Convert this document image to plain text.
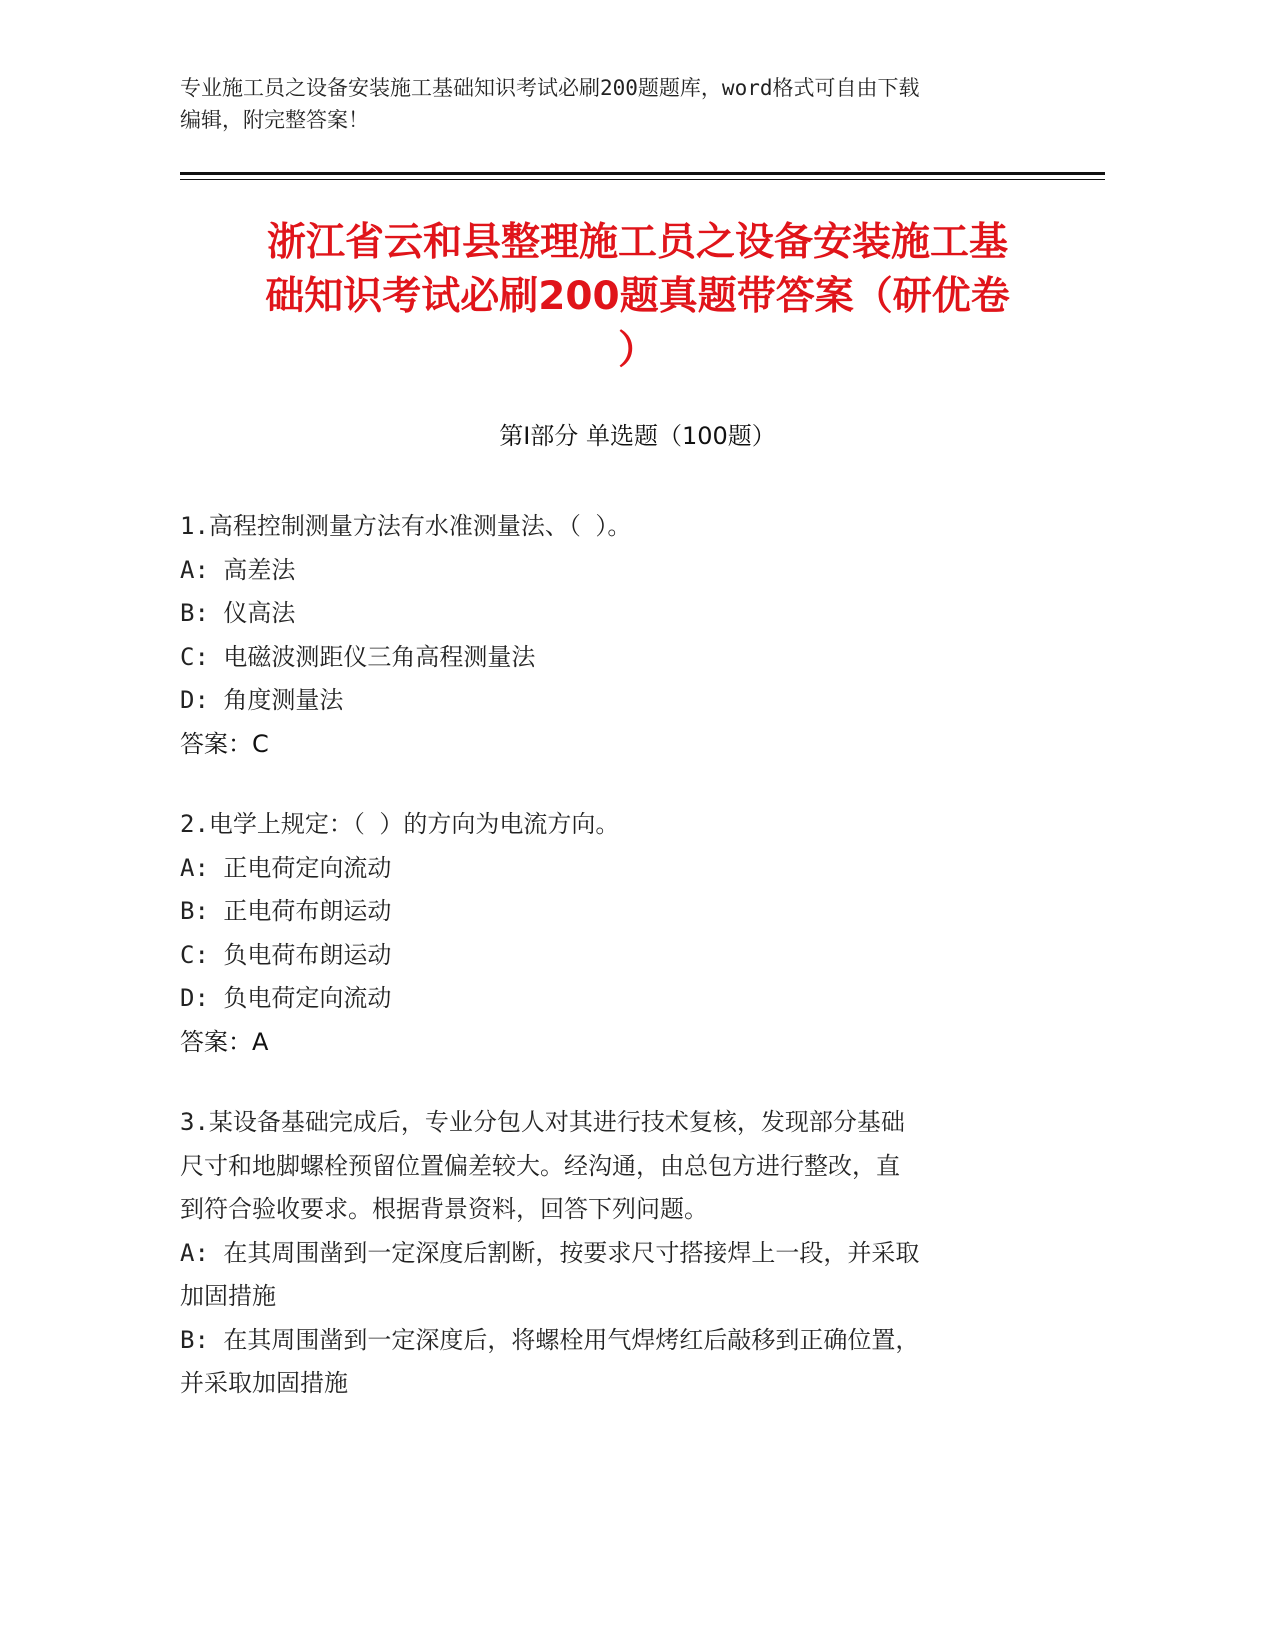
专业施工员之设备安装施工基础知识考试必刷200题题库，word格式可自由下载
编辑，附完整答案！
浙江省云和县整理施工员之设备安装施工基
础知识考试必刷200题真题带答案（研优卷
）
第Ⅰ部分 单选题（100题）
1.高程控制测量方法有水准测量法、（ ）。
A: 高差法
B: 仪高法
C: 电磁波测距仪三角高程测量法
D: 角度测量法
答案：C
2.电学上规定：（ ）的方向为电流方向。
A: 正电荷定向流动
B: 正电荷布朗运动
C: 负电荷布朗运动
D: 负电荷定向流动
答案：A
3.某设备基础完成后，专业分包人对其进行技术复核，发现部分基础
尺寸和地脚螺栓预留位置偏差较大。经沟通，由总包方进行整改，直
到符合验收要求。根据背景资料，回答下列问题。
A: 在其周围凿到一定深度后割断，按要求尺寸搭接焊上一段，并采取
加固措施
B: 在其周围凿到一定深度后，将螺栓用气焊烤红后敲移到正确位置，
并采取加固措施
